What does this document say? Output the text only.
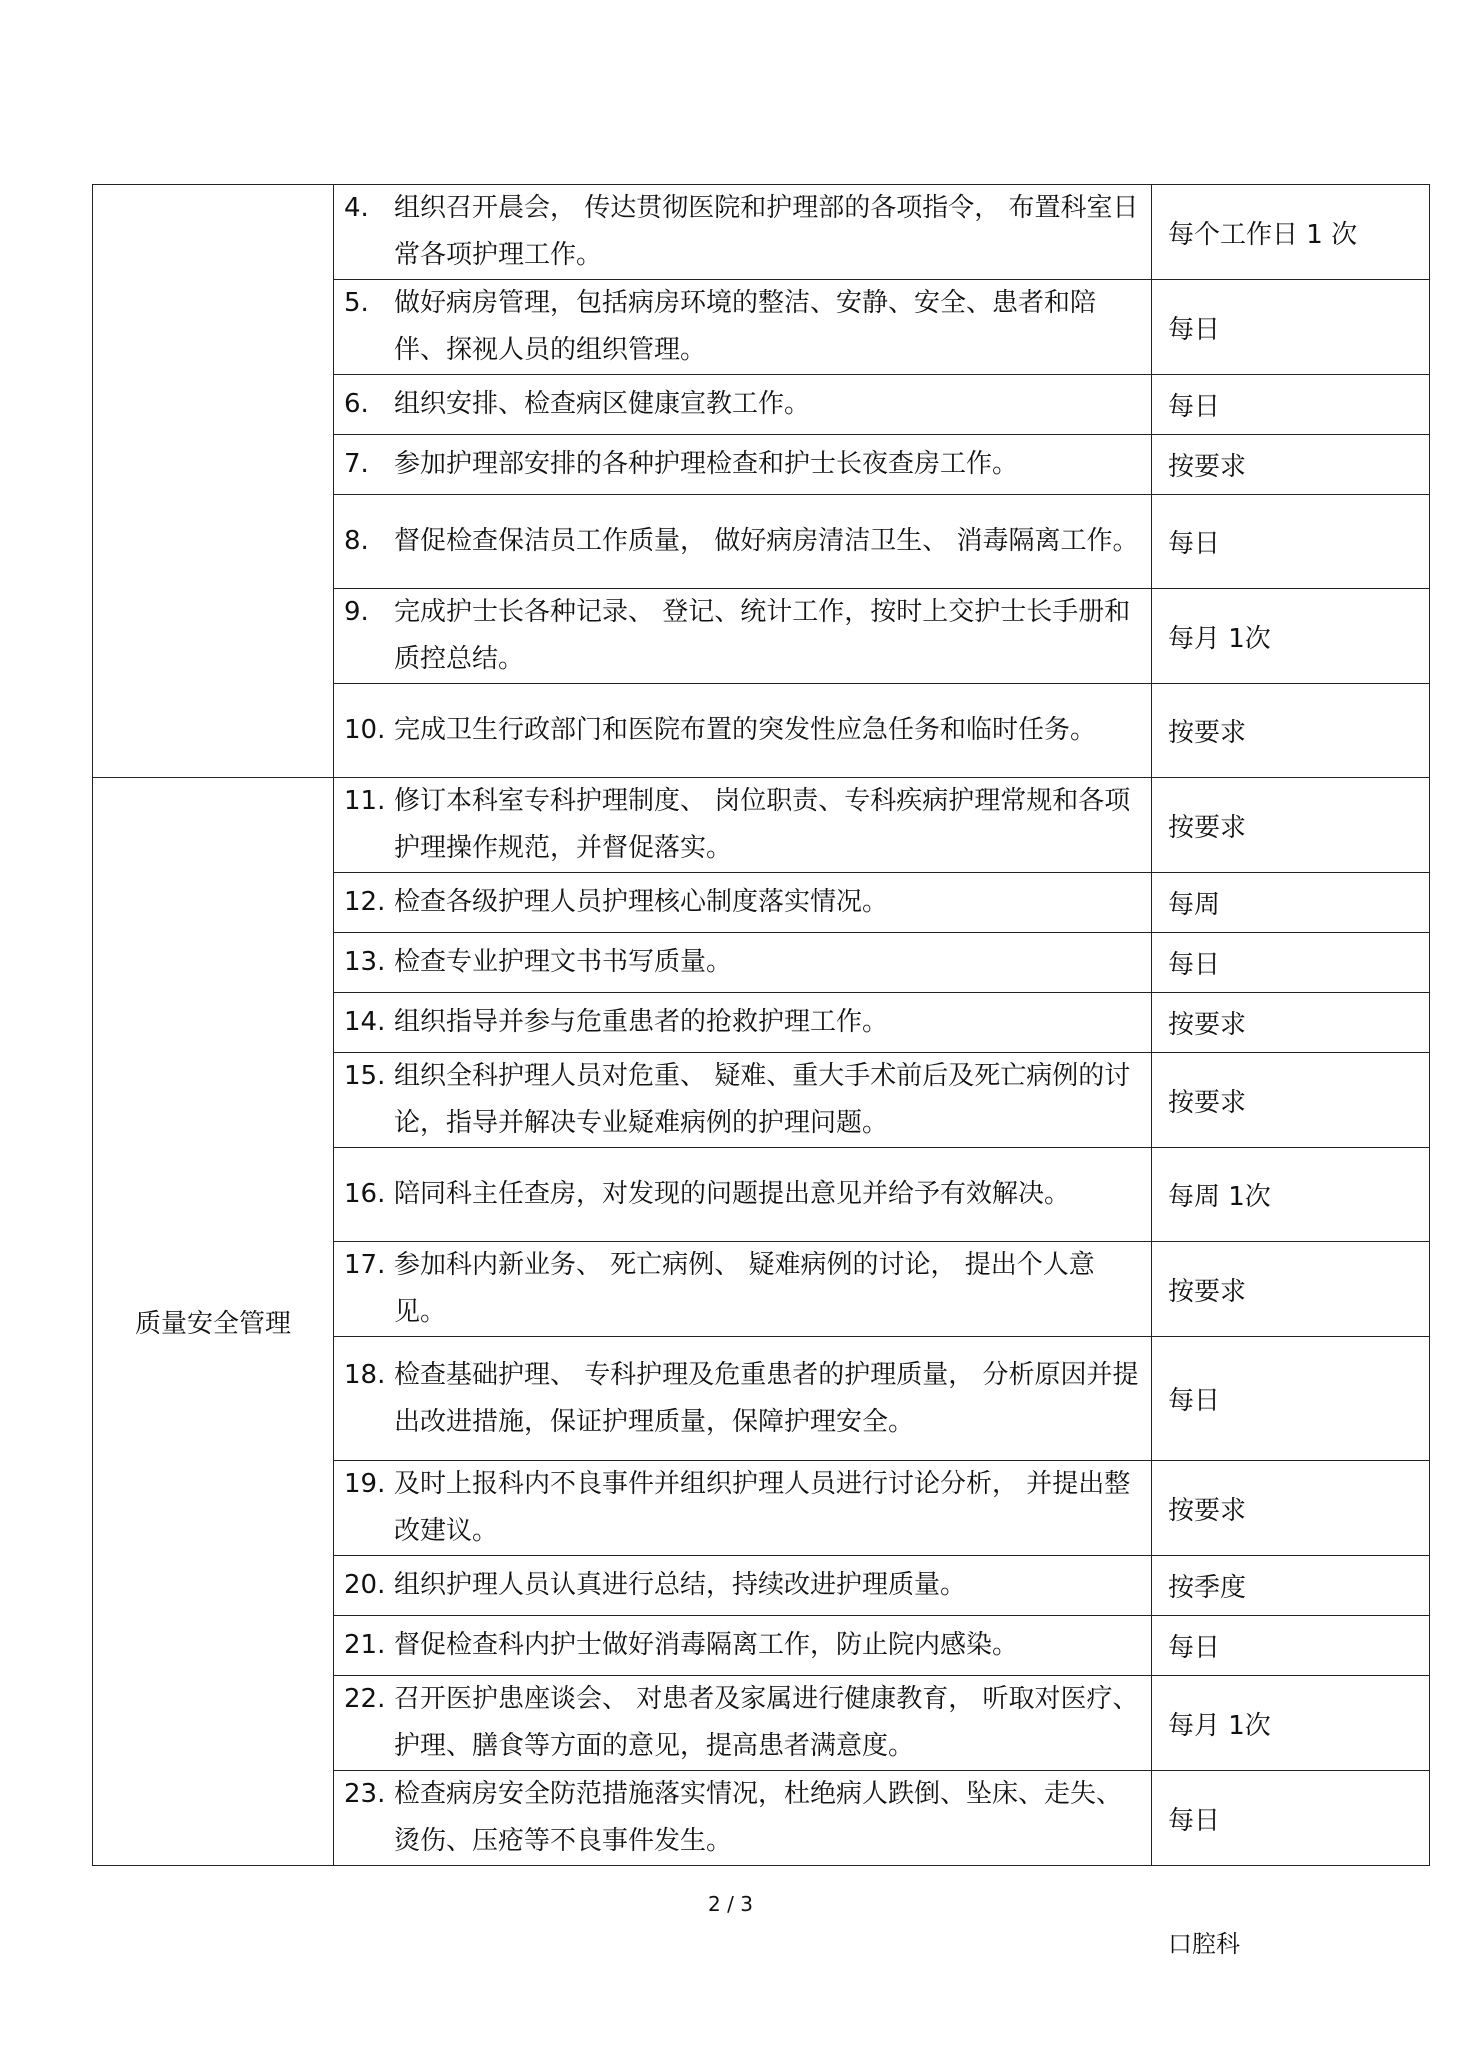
	4. 组织召开晨会， 传达贯彻医院和护理部的各项指令， 布置科室日常各项护理工作。	每个工作日 1 次

	5. 做好病房管理，包括病房环境的整洁、安静、安全、患者和陪伴、探视人员的组织管理。	每日

	6. 组织安排、检查病区健康宣教工作。	每日

	7. 参加护理部安排的各种护理检查和护士长夜查房工作。	按要求

	8. 督促检查保洁员工作质量， 做好病房清洁卫生、 消毒隔离工作。	每日

	9. 完成护士长各种记录、 登记、统计工作，按时上交护士长手册和质控总结。	每月 1次

	10. 完成卫生行政部门和医院布置的突发性应急任务和临时任务。	按要求
质量安全管理	11. 修订本科室专科护理制度、 岗位职责、专科疾病护理常规和各项护理操作规范，并督促落实。	按要求

	12. 检查各级护理人员护理核心制度落实情况。	每周

	13. 检查专业护理文书书写质量。	每日

	14. 组织指导并参与危重患者的抢救护理工作。	按要求

	15. 组织全科护理人员对危重、 疑难、重大手术前后及死亡病例的讨论，指导并解决专业疑难病例的护理问题。	按要求

	16. 陪同科主任查房，对发现的问题提出意见并给予有效解决。	每周 1次

	17. 参加科内新业务、 死亡病例、 疑难病例的讨论， 提出个人意见。	按要求

	18. 检查基础护理、 专科护理及危重患者的护理质量， 分析原因并提出改进措施，保证护理质量，保障护理安全。	每日

	19. 及时上报科内不良事件并组织护理人员进行讨论分析， 并提出整改建议。	按要求

	20. 组织护理人员认真进行总结，持续改进护理质量。	按季度

	21. 督促检查科内护士做好消毒隔离工作，防止院内感染。	每日

	22. 召开医护患座谈会、 对患者及家属进行健康教育， 听取对医疗、护理、膳食等方面的意见，提高患者满意度。	每月 1次

	23. 检查病房安全防范措施落实情况，杜绝病人跌倒、坠床、走失、烫伤、压疮等不良事件发生。	每日
2 / 3
口腔科
